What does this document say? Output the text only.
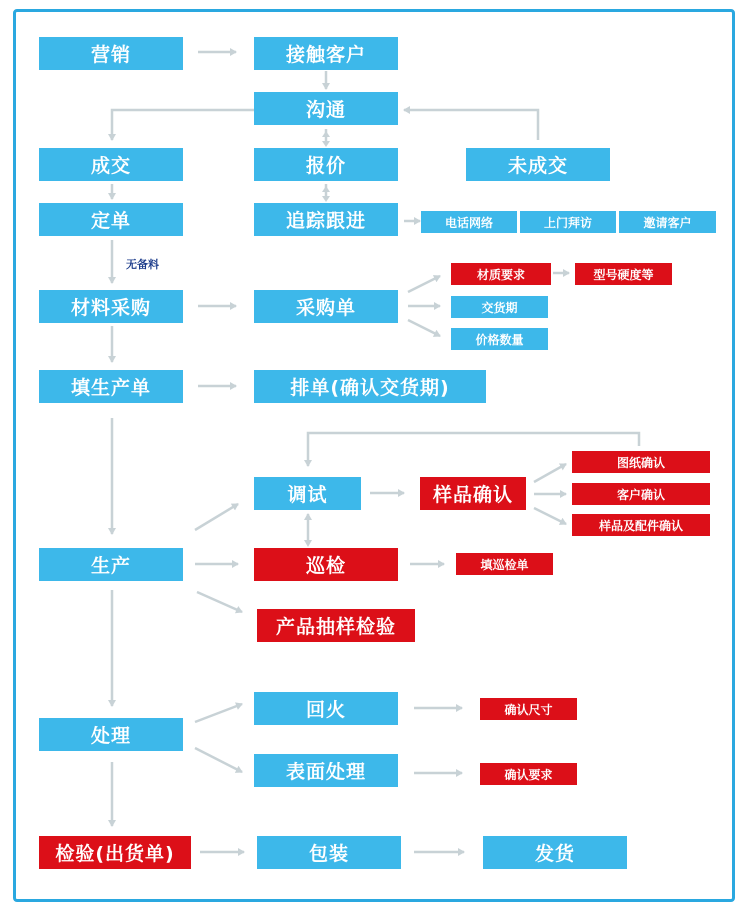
营销	接触客户
沟通
成交	报价	未成交
定单	追踪跟进	电话网络	上门拜访	邀请客户
无备料
材料采购	采购单
材质要求	型号硬度等
交货期
价格数量
填生产单	排单(确认交货期)
调试	样品确认
图纸确认
客户确认
样品及配件确认
生产	巡检	填巡检单
产品抽样检验
回火	确认尺寸
处理
表面处理	确认要求
检验(出货单)	包装	发货
